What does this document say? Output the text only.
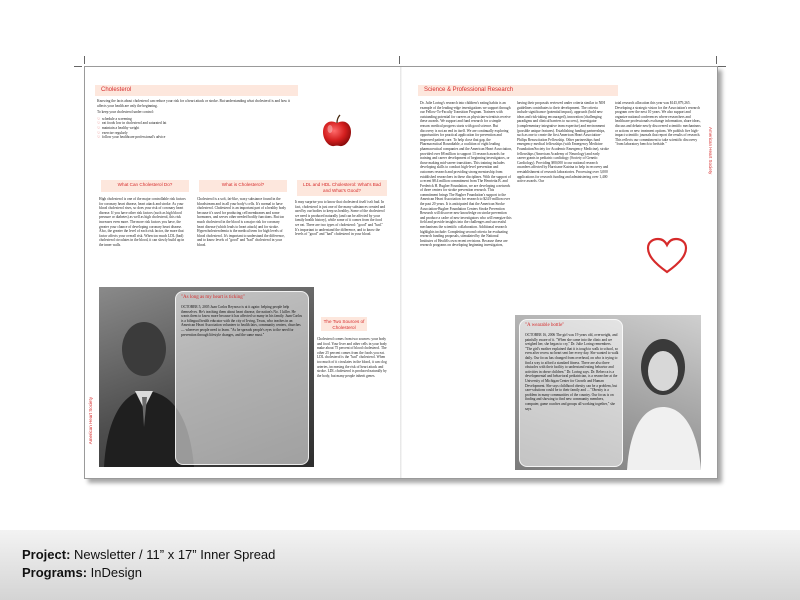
Cholesterol

Knowing the facts about cholesterol can reduce your risk for a heart attack or stroke. But understanding what cholesterol is and how it affects your health are only the beginning.

To keep your cholesterol under control:

♡ schedule a screening
♡ eat foods low in cholesterol and saturated fat
♡ maintain a healthy weight
♡ exercise regularly
♡ follow your healthcare professional's advice
What Can Cholesterol Do?	What is Cholesterol?	LDL and HDL Cholesterol: What's Bad and What's Good?
High cholesterol is one of the major controllable risk factors for coronary heart disease, heart attack and stroke. As your blood cholesterol rises, so does your risk of coronary heart disease. If you have other risk factors (such as high blood pressure or diabetes) as well as high cholesterol, this risk increases even more. The more risk factors you have, the greater your chance of developing coronary heart disease. Also, the greater the level of each risk factor, the more that factor affects your overall risk. When too much LDL (bad) cholesterol circulates in the blood, it can slowly build up in the inner walls.
Cholesterol is a soft, fat-like, waxy substance found in the bloodstream and in all your body's cells. It's normal to have cholesterol. Cholesterol is an important part of a healthy body because it's used for producing cell membranes and some hormones, and serves other needed bodily functions. But too much cholesterol in the blood is a major risk for coronary heart disease (which leads to heart attack) and for stroke. Hypercholesterolemia is the medical term for high levels of blood cholesterol. It's important to understand the difference, and to know levels of "good" and "bad" cholesterol in your blood.
It may surprise you to know that cholesterol itself isn't bad. In fact, cholesterol is just one of the many substances created and used by our bodies to keep us healthy. Some of the cholesterol we need is produced naturally (and can be affected by your family health history), while some of it comes from the food we eat. There are two types of cholesterol: "good" and "bad." It's important to understand the difference, and to know the levels of "good" and "bad" cholesterol in your blood.
"As long as my heart is ticking"
OCTOBER 5, 2005 Juan Carlos Reynoso is at it again: helping people help themselves. He's teaching them about heart disease, the nation's No. 1 killer. He wants them to know more because it has affected so many in his family. Juan Carlos is a bilingual health educator with the city of Irving, Texas, who teaches in an American Heart Association volunteer to health fairs, community centers, churches — wherever people need to learn. "As he spreads people's eyes to the need for prevention through lifestyle changes, and the same must."
The Two Sources of Cholesterol
Cholesterol comes from two sources: your body and food. Your liver and other cells in your body make about 75 percent of blood cholesterol. The other 25 percent comes from the foods you eat. LDL cholesterol is the "bad" cholesterol. When too much of it circulates in the blood, it can clog arteries, increasing the risk of heart attack and stroke. LDL cholesterol is produced naturally by the body, but many people inherit genes.
American Heart Society
Science & Professional Research
Dr. Julie Loring's research into children's eating habits is an example of the leading-edge investigations we support through our Fellow-To-Faculty Transition Program. Trainees with outstanding potential for careers as physician-scientists receive these awards. We support and fund research for a simple reason: medical progress starts with good science. But discovery is not an end in itself. We are continually exploring opportunities for practical application for prevention and improved patient care. To help close that gap, the Pharmaceutical Roundtable, a coalition of eight leading pharmaceutical companies and the American Heart Association, provided over $8 million to support 13 research awards for training and career development of beginning investigators, or those making mid-career transitions. This training includes developing skills to conduct high-level prevention and outcomes research and providing strong mentorship from established researchers in these disciplines. With the support of a recent $8.4 million commitment from The Henrietta B. and Frederick H. Bugher Foundation, we are developing a network of three centers for stroke prevention research. This commitment brings The Bugher Foundation's support to the American Heart Association for research to $24.9 million over the past 20 years. It is anticipated that the American Stroke Association-Bugher Foundation Centers Stroke Prevention Research will discover new knowledge on stroke prevention and produce a cadre of new investigators who will energize this field and provide insights into the challenges and successful mechanisms the scientific collaboration. Additional research highlights include: Completing second criteria for evaluating research funding proposals, stimulated by the National Institutes of Health's own recent revisions. Because these are research programs on developing beginning investigators,
having their proposals reviewed under criteria similar to NIH guidelines contributes to their development. The criteria include significance (potential impact), approach (bold new ideas and risk-taking encouraged), innovation (challenging paradigms and clinical barriers to success), investigator (complementary integrative team expertise) and environment (possible unique features). Establishing funding partnerships, such as one to create the first American Heart Association-Philips Resuscitation Fellowship. Other partnerships fund emergency medical fellowships (with Emergency Medicine Foundation/Society for Academic Emergency Medicine), stroke fellowships (American Academy of Neurology) and early career grants in pediatric cardiology (Society of Genetic Cardiology). Providing $80,000 to our national research awardees affected by Hurricane Katrina to help in recovery and reestablishment of research laboratories. Processing over 3,000 applications for research funding and administering over 1,400 active awards. Our
total research allocation this year was $145,879,265. Developing a strategic vision for the Association's research program over the next 10 years. We also support and organize national conferences where researchers and healthcare professionals exchange information, share ideas, discuss and debate newly discovered scientific mechanisms or actions or new treatment options. We publish five high-impact scientific journals that report the results of research. This reflects our commitment to take scientific discovery "from laboratory bench to bedside."
"A wearable bottle"
OCTOBER 16, 2006 The girl was 19 years old, overweight, and painfully aware of it. "When she came into the clinic and we weighed her, she began to cry," Dr. Julie Loring remembers. "The girl's mother explained that it is tough to walk to school, so even after recess no heart sent her every day. She wanted to walk daily. Our focus has changed from overhead, on who is trying to find a way to afford a standard fitness. There are also three obstacles with their facility to understand eating behavior and activities in obese children." Dr. Loring says. Dr. Rebecca is a developmental and behavioral pediatrician, is a researcher at the University of Michigan Center for Growth and Human Development. She says childhood obesity can be a problem, but care-solutions could be to their family and ... "Obesity is a problem in many communities of the country. Our focus is on finding and showing to find new community members, computer, game coaches and groups all working together," she says.
American Heart Society
Project: Newsletter / 11” x 17” Inner Spread
Programs: InDesign
